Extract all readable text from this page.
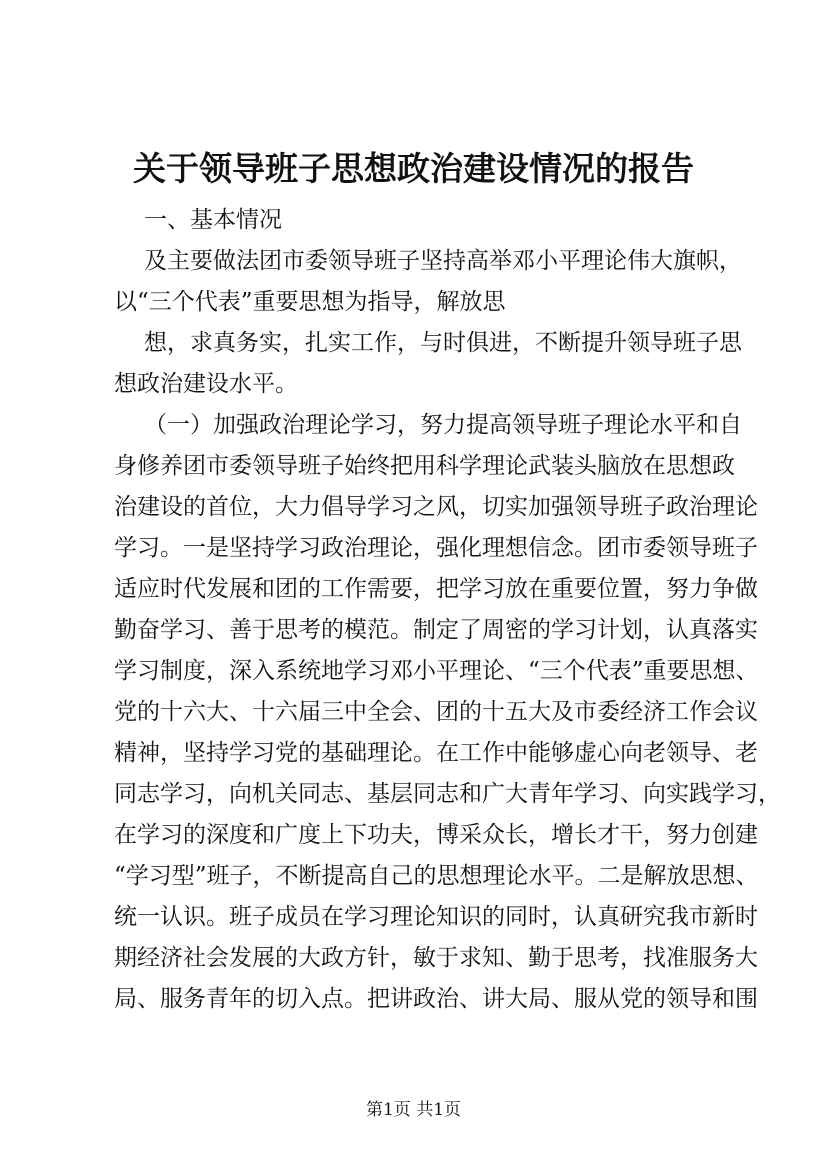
关于领导班子思想政治建设情况的报告
一、基本情况
及主要做法团市委领导班子坚持高举邓小平理论伟大旗帜，
以“三个代表”重要思想为指导，解放思
想，求真务实，扎实工作，与时俱进，不断提升领导班子思
想政治建设水平。
（一）加强政治理论学习，努力提高领导班子理论水平和自
身修养团市委领导班子始终把用科学理论武装头脑放在思想政
治建设的首位，大力倡导学习之风，切实加强领导班子政治理论
学习。一是坚持学习政治理论，强化理想信念。团市委领导班子
适应时代发展和团的工作需要，把学习放在重要位置，努力争做
勤奋学习、善于思考的模范。制定了周密的学习计划，认真落实
学习制度，深入系统地学习邓小平理论、“三个代表”重要思想、
党的十六大、十六届三中全会、团的十五大及市委经济工作会议
精神，坚持学习党的基础理论。在工作中能够虚心向老领导、老
同志学习，向机关同志、基层同志和广大青年学习、向实践学习，
在学习的深度和广度上下功夫，博采众长，增长才干，努力创建
“学习型”班子，不断提高自己的思想理论水平。二是解放思想、
统一认识。班子成员在学习理论知识的同时，认真研究我市新时
期经济社会发展的大政方针，敏于求知、勤于思考，找准服务大
局、服务青年的切入点。把讲政治、讲大局、服从党的领导和围
第1页 共1页
